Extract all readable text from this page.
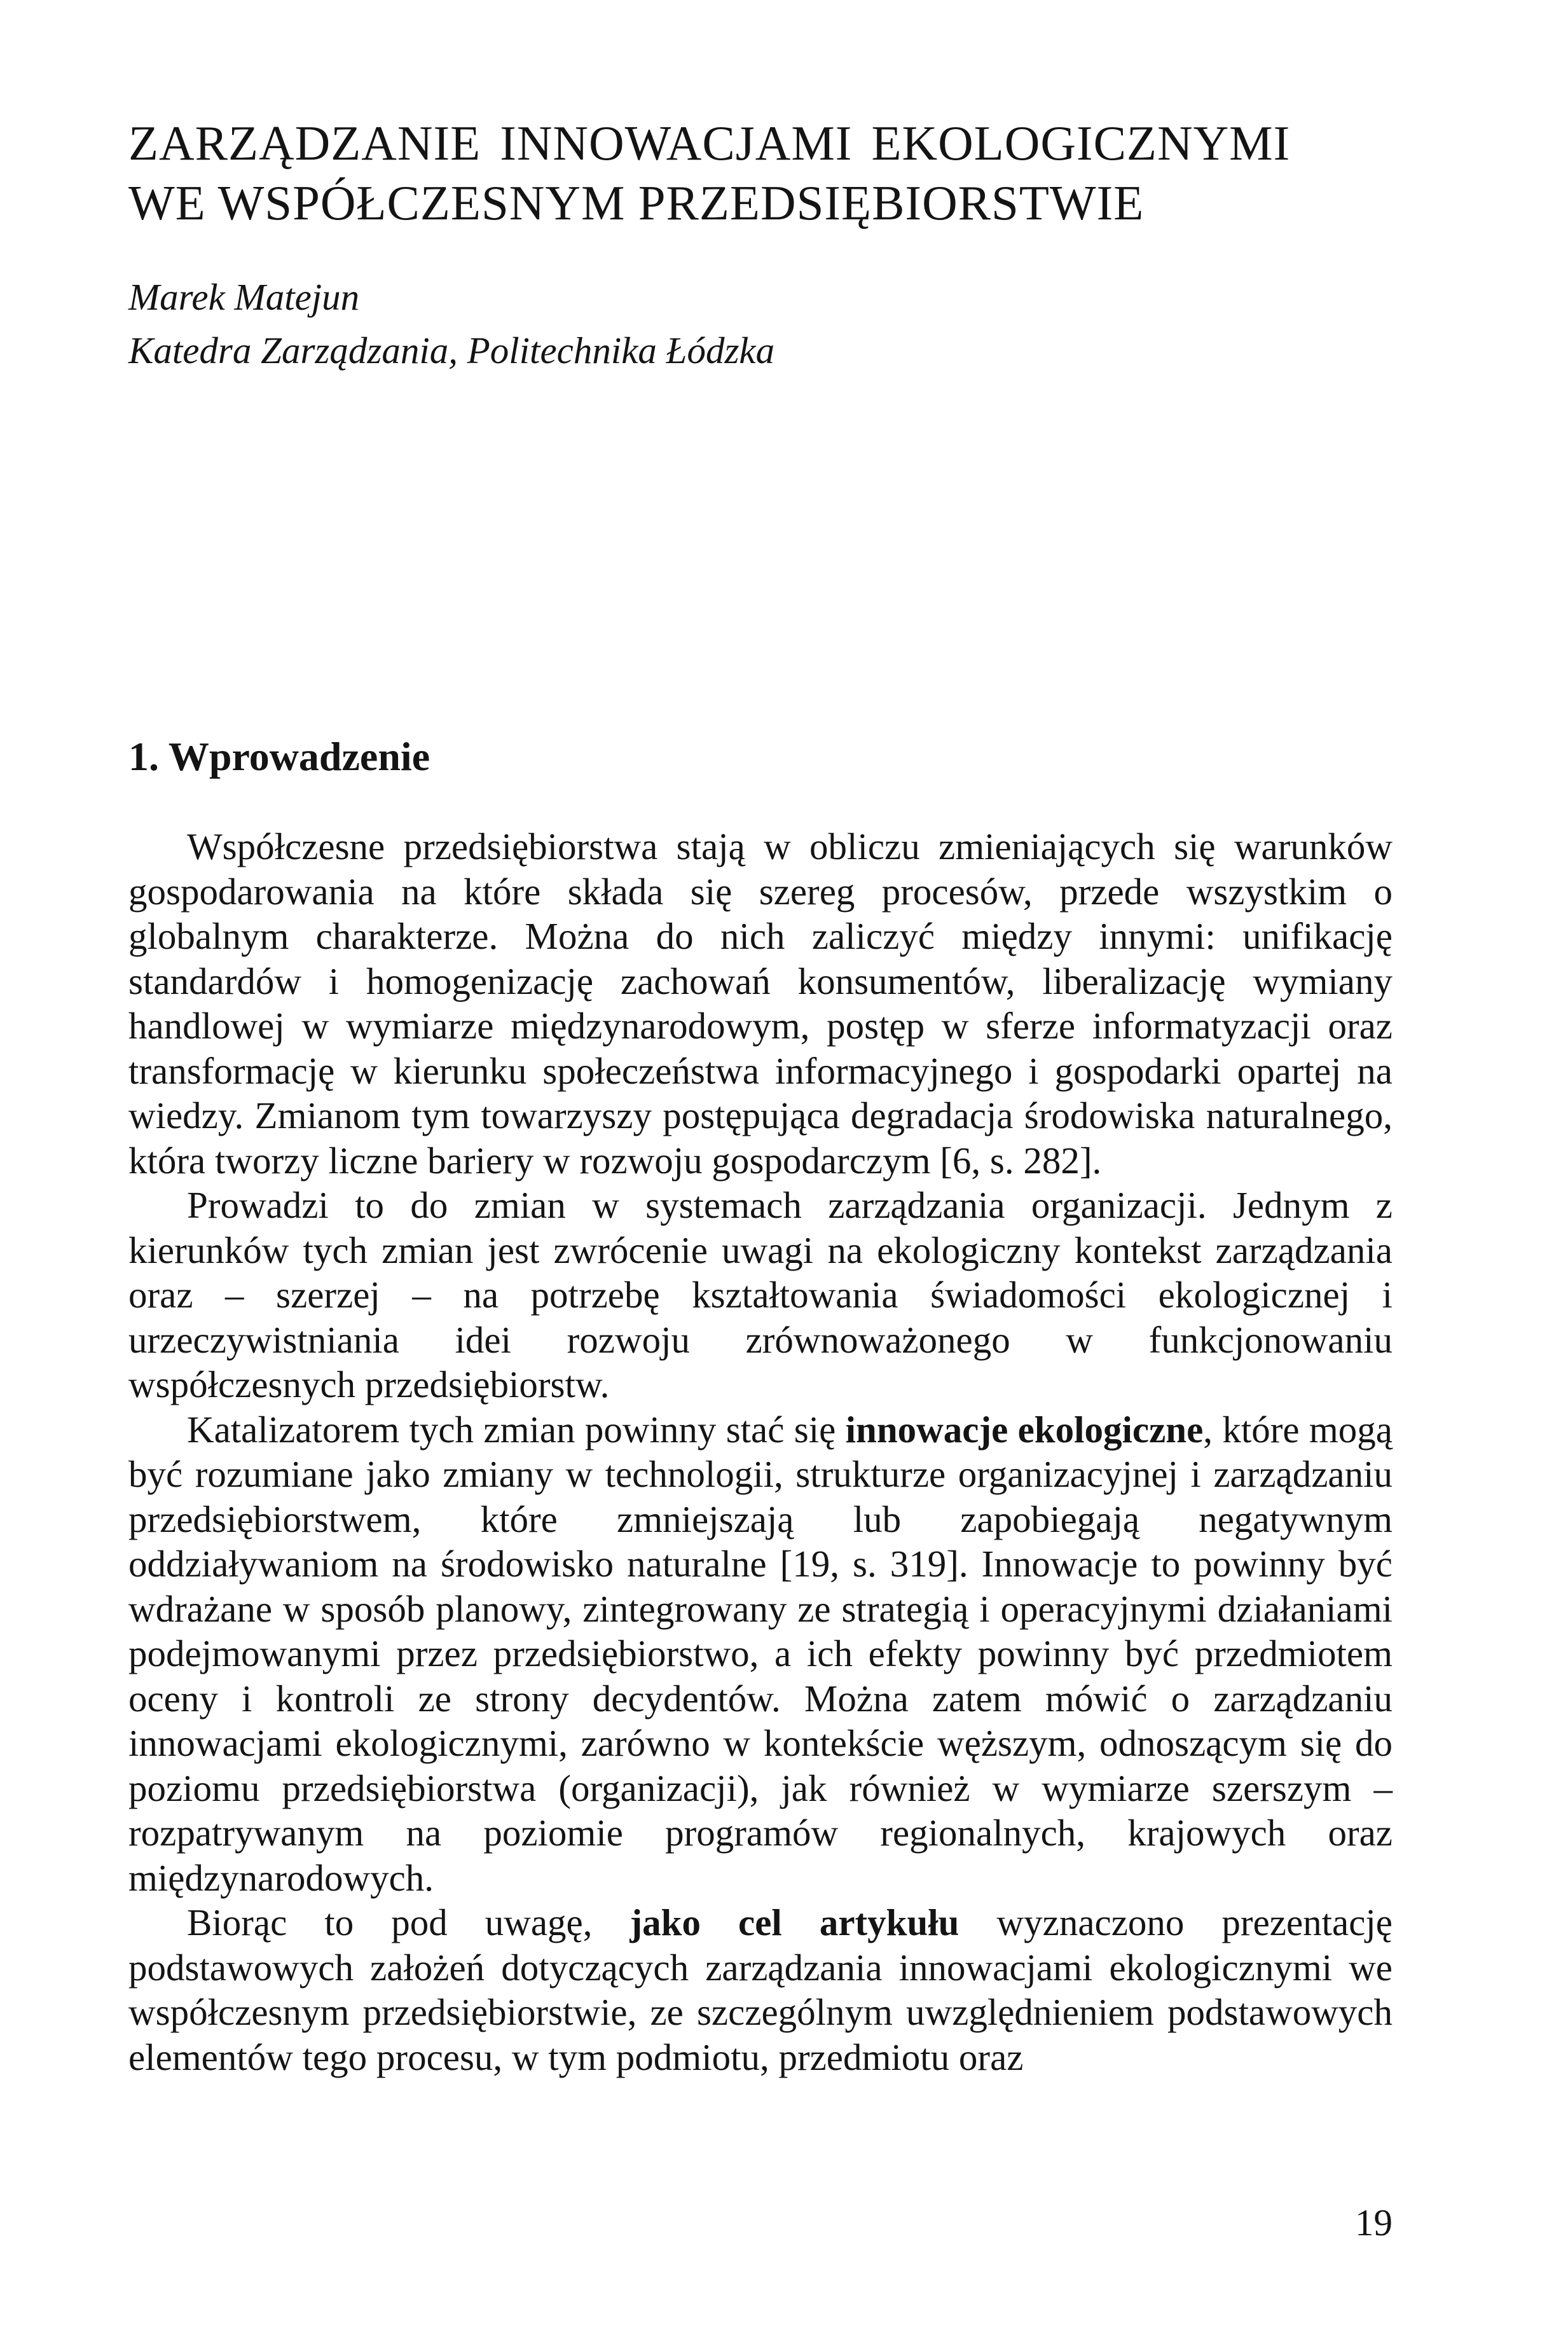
ZARZĄDZANIE INNOWACJAMI EKOLOGICZNYMI
WE WSPÓŁCZESNYM PRZEDSIĘBIORSTWIE
Marek Matejun
Katedra Zarządzania, Politechnika Łódzka
1. Wprowadzenie

Współczesne przedsiębiorstwa stają w obliczu zmieniających się warunków gospodarowania na które składa się szereg procesów, przede wszystkim o globalnym charakterze. Można do nich zaliczyć między innymi: unifikację standardów i homogenizację zachowań konsumentów, liberalizację wymiany handlowej w wymiarze międzynarodowym, postęp w sferze informatyzacji oraz transformację w kierunku społeczeństwa informacyjnego i gospodarki opartej na wiedzy. Zmianom tym towarzyszy postępująca degradacja środowiska naturalnego, która tworzy liczne bariery w rozwoju gospodarczym [6, s. 282].

Prowadzi to do zmian w systemach zarządzania organizacji. Jednym z kierunków tych zmian jest zwrócenie uwagi na ekologiczny kontekst zarządzania oraz – szerzej – na potrzebę kształtowania świadomości ekologicznej i urzeczywistniania idei rozwoju zrównoważonego w funkcjonowaniu współczesnych przedsiębiorstw.

Katalizatorem tych zmian powinny stać się innowacje ekologiczne, które mogą być rozumiane jako zmiany w technologii, strukturze organizacyjnej i zarządzaniu przedsiębiorstwem, które zmniejszają lub zapobiegają negatywnym oddziaływaniom na środowisko naturalne [19, s. 319]. Innowacje to powinny być wdrażane w sposób planowy, zintegrowany ze strategią i operacyjnymi działaniami podejmowanymi przez przedsiębiorstwo, a ich efekty powinny być przedmiotem oceny i kontroli ze strony decydentów. Można zatem mówić o zarządzaniu innowacjami ekologicznymi, zarówno w kontekście węższym, odnoszącym się do poziomu przedsiębiorstwa (organizacji), jak również w wymiarze szerszym – rozpatrywanym na poziomie programów regionalnych, krajowych oraz międzynarodowych.

Biorąc to pod uwagę, jako cel artykułu wyznaczono prezentację podstawowych założeń dotyczących zarządzania innowacjami ekologicznymi we współczesnym przedsiębiorstwie, ze szczególnym uwzględnieniem podstawowych elementów tego procesu, w tym podmiotu, przedmiotu oraz

19
